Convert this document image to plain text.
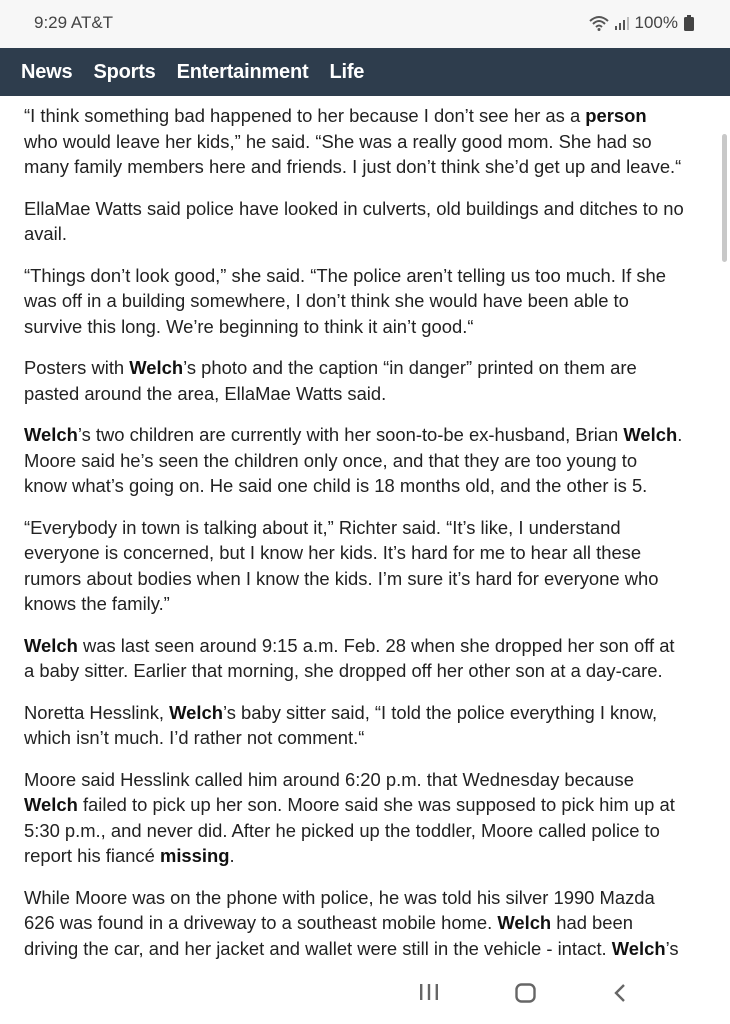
9:29 AT&T	100%
News Sports Entertainment Life

“I think something bad happened to her because I don’t see her as a person who would leave her kids,” he said. “She was a really good mom. She had so many family members here and friends. I just don’t think she’d get up and leave.“

EllaMae Watts said police have looked in culverts, old buildings and ditches to no avail.

“Things don’t look good,” she said. “The police aren’t telling us too much. If she was off in a building somewhere, I don’t think she would have been able to survive this long. We’re beginning to think it ain’t good.“

Posters with Welch’s photo and the caption “in danger” printed on them are pasted around the area, EllaMae Watts said.

Welch’s two children are currently with her soon-to-be ex-husband, Brian Welch. Moore said he’s seen the children only once, and that they are too young to know what’s going on. He said one child is 18 months old, and the other is 5.

“Everybody in town is talking about it,” Richter said. “It’s like, I understand everyone is concerned, but I know her kids. It’s hard for me to hear all these rumors about bodies when I know the kids. I’m sure it’s hard for everyone who knows the family.”

Welch was last seen around 9:15 a.m. Feb. 28 when she dropped her son off at a baby sitter. Earlier that morning, she dropped off her other son at a day-care.

Noretta Hesslink, Welch’s baby sitter said, “I told the police everything I know, which isn’t much. I’d rather not comment.“

Moore said Hesslink called him around 6:20 p.m. that Wednesday because Welch failed to pick up her son. Moore said she was supposed to pick him up at 5:30 p.m., and never did. After he picked up the toddler, Moore called police to report his fiancé missing.

While Moore was on the phone with police, he was told his silver 1990 Mazda 626 was found in a driveway to a southeast mobile home. Welch had been driving the car, and her jacket and wallet were still in the vehicle - intact. Welch’s
